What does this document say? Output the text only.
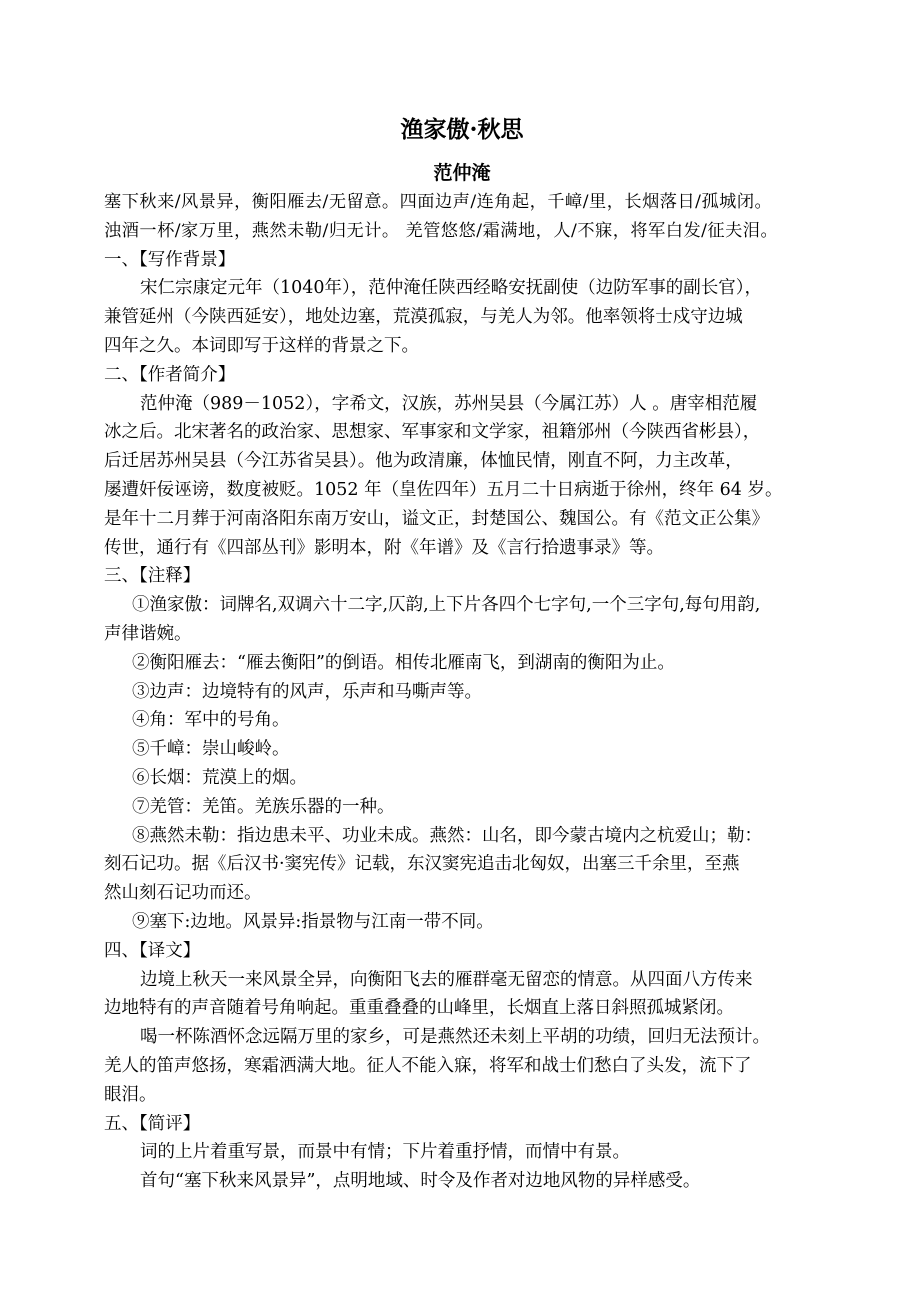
渔家傲·秋思
范仲淹
塞下秋来/风景异，衡阳雁去/无留意。四面边声/连角起，千嶂/里，长烟落日/孤城闭。
浊酒一杯/家万里，燕然未勒/归无计。 羌管悠悠/霜满地，人/不寐，将军白发/征夫泪。
一、【写作背景】
宋仁宗康定元年（1040年），范仲淹任陕西经略安抚副使（边防军事的副长官），
兼管延州（今陕西延安），地处边塞，荒漠孤寂，与羌人为邻。他率领将士戍守边城
四年之久。本词即写于这样的背景之下。
二、【作者简介】
范仲淹（989－1052），字希文，汉族，苏州吴县（今属江苏）人 。唐宰相范履
冰之后。北宋著名的政治家、思想家、军事家和文学家，祖籍邠州（今陕西省彬县），
后迁居苏州吴县（今江苏省吴县）。他为政清廉，体恤民情，刚直不阿，力主改革，
屡遭奸佞诬谤，数度被贬。1052 年（皇佐四年）五月二十日病逝于徐州，终年 64 岁。
是年十二月葬于河南洛阳东南万安山，谥文正，封楚国公、魏国公。有《范文正公集》
传世，通行有《四部丛刊》影明本，附《年谱》及《言行拾遗事录》等。
三、【注释】
①渔家傲：词牌名,双调六十二字,仄韵,上下片各四个七字句,一个三字句,每句用韵,
声律谐婉。
②衡阳雁去：“雁去衡阳”的倒语。相传北雁南飞，到湖南的衡阳为止。
③边声：边境特有的风声，乐声和马嘶声等。
④角：军中的号角。
⑤千嶂：崇山峻岭。
⑥长烟：荒漠上的烟。
⑦羌管：羌笛。羌族乐器的一种。
⑧燕然未勒：指边患未平、功业未成。燕然：山名，即今蒙古境内之杭爱山；勒：
刻石记功。据《后汉书·窦宪传》记载，东汉窦宪追击北匈奴，出塞三千余里，至燕
然山刻石记功而还。
⑨塞下:边地。风景异:指景物与江南一带不同。
四、【译文】
边境上秋天一来风景全异，向衡阳飞去的雁群毫无留恋的情意。从四面八方传来
边地特有的声音随着号角响起。重重叠叠的山峰里，长烟直上落日斜照孤城紧闭。
喝一杯陈酒怀念远隔万里的家乡，可是燕然还未刻上平胡的功绩，回归无法预计。
羌人的笛声悠扬，寒霜洒满大地。征人不能入寐，将军和战士们愁白了头发，流下了
眼泪。
五、【简评】
词的上片着重写景，而景中有情；下片着重抒情，而情中有景。
首句“塞下秋来风景异”，点明地域、时令及作者对边地风物的异样感受。
